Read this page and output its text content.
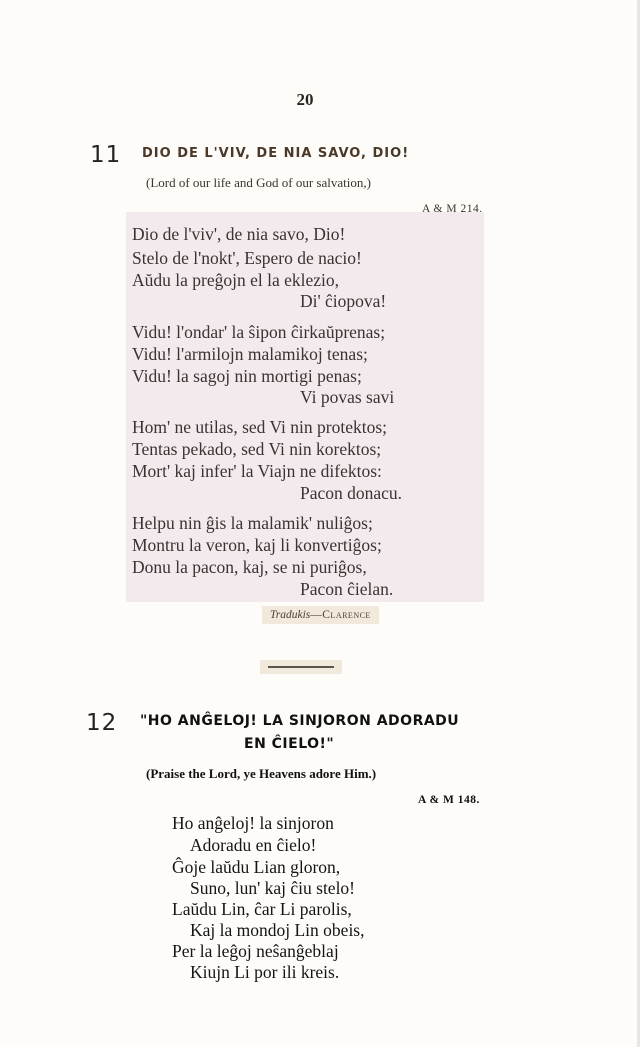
20
11 DIO DE L'VIV, DE NIA SAVO, DIO!
(Lord of our life and God of our salvation,)
A & M 214.
Dio de l'viv', de nia savo, Dio!
Stelo de l'nokt', Espero de nacio!
Aŭdu la preĝojn el la eklezio,
Di' ĉiopova!
Vidu! l'ondar' la ŝipon ĉirkaŭprenas;
Vidu! l'armilojn malamikoj tenas;
Vidu! la sagoj nin mortigi penas;
Vi povas savi
Hom' ne utilas, sed Vi nin protektos;
Tentas pekado, sed Vi nin korektos;
Mort' kaj infer' la Viajn ne difektos:
Pacon donacu.
Helpu nin ĝis la malamik' nuliĝos;
Montru la veron, kaj li konvertiĝos;
Donu la pacon, kaj, se ni puriĝos,
Pacon ĉielan.
Tradukis—Clarence
12 "HO ANĜELOJ! LA SINJORON ADORADU
EN ĈIELO!"
(Praise the Lord, ye Heavens adore Him.)
A & M 148.
Ho anĝeloj! la sinjoron
Adoradu en ĉielo!
Ĝoje laŭdu Lian gloron,
Suno, lun' kaj ĉiu stelo!
Laŭdu Lin, ĉar Li parolis,
Kaj la mondoj Lin obeis,
Per la leĝoj neŝanĝeblaj
Kiujn Li por ili kreis.
